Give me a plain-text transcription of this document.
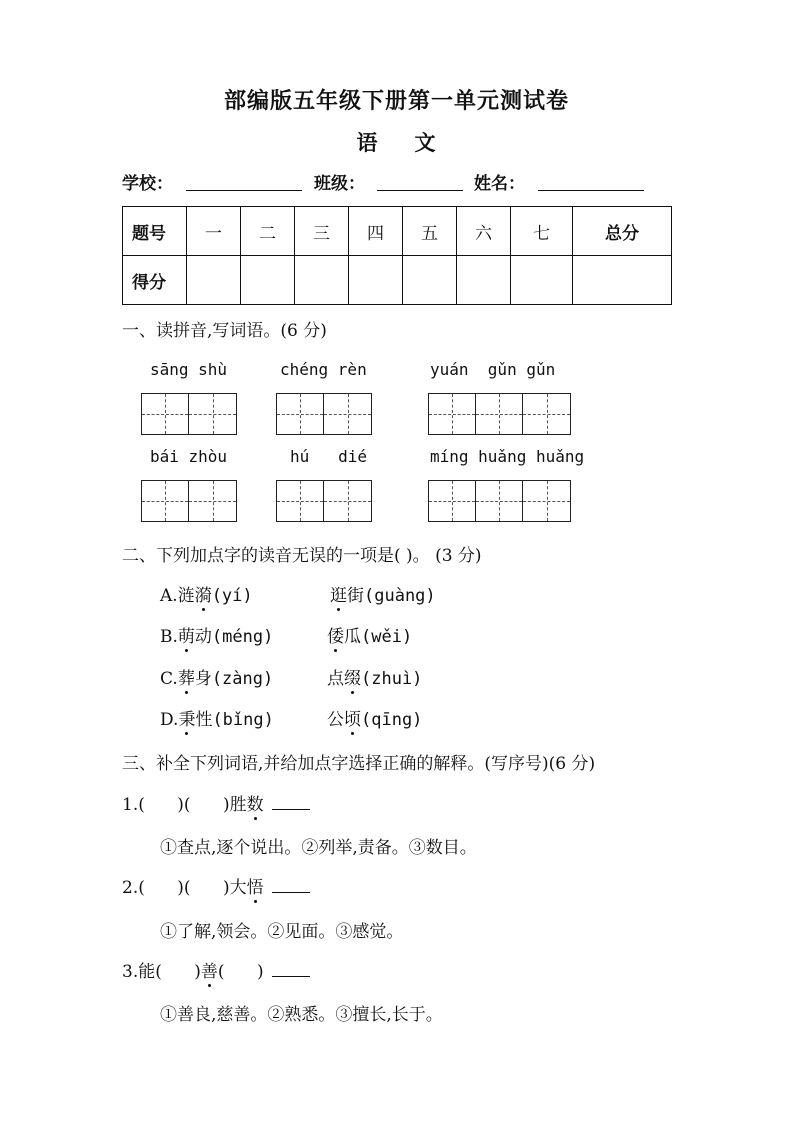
部编版五年级下册第一单元测试卷
语 文
学校：	班级：	姓名：
题号	一	二	三	四	五	六	七	总分
得分								
一、读拼音,写词语。(6 分)
sāng shù	chéng rèn	yuán  gǔn gǔn
bái zhòu	hú   dié	míng huǎng huǎng
二、下列加点字的读音无误的一项是( )。 (3 分)
A.涟漪(yí)	逛街(guàng)
B.萌动(méng)	倭瓜(wěi)
C.葬身(zàng)	点缀(zhuì)
D.秉性(bǐng)	公顷(qīng)
三、补全下列词语,并给加点字选择正确的解释。(写序号)(6 分)
1.(      )(      )胜数
①查点,逐个说出。②列举,责备。③数目。
2.(      )(      )大悟
①了解,领会。②见面。③感觉。
3.能(      )善(      )
①善良,慈善。②熟悉。③擅长,长于。
